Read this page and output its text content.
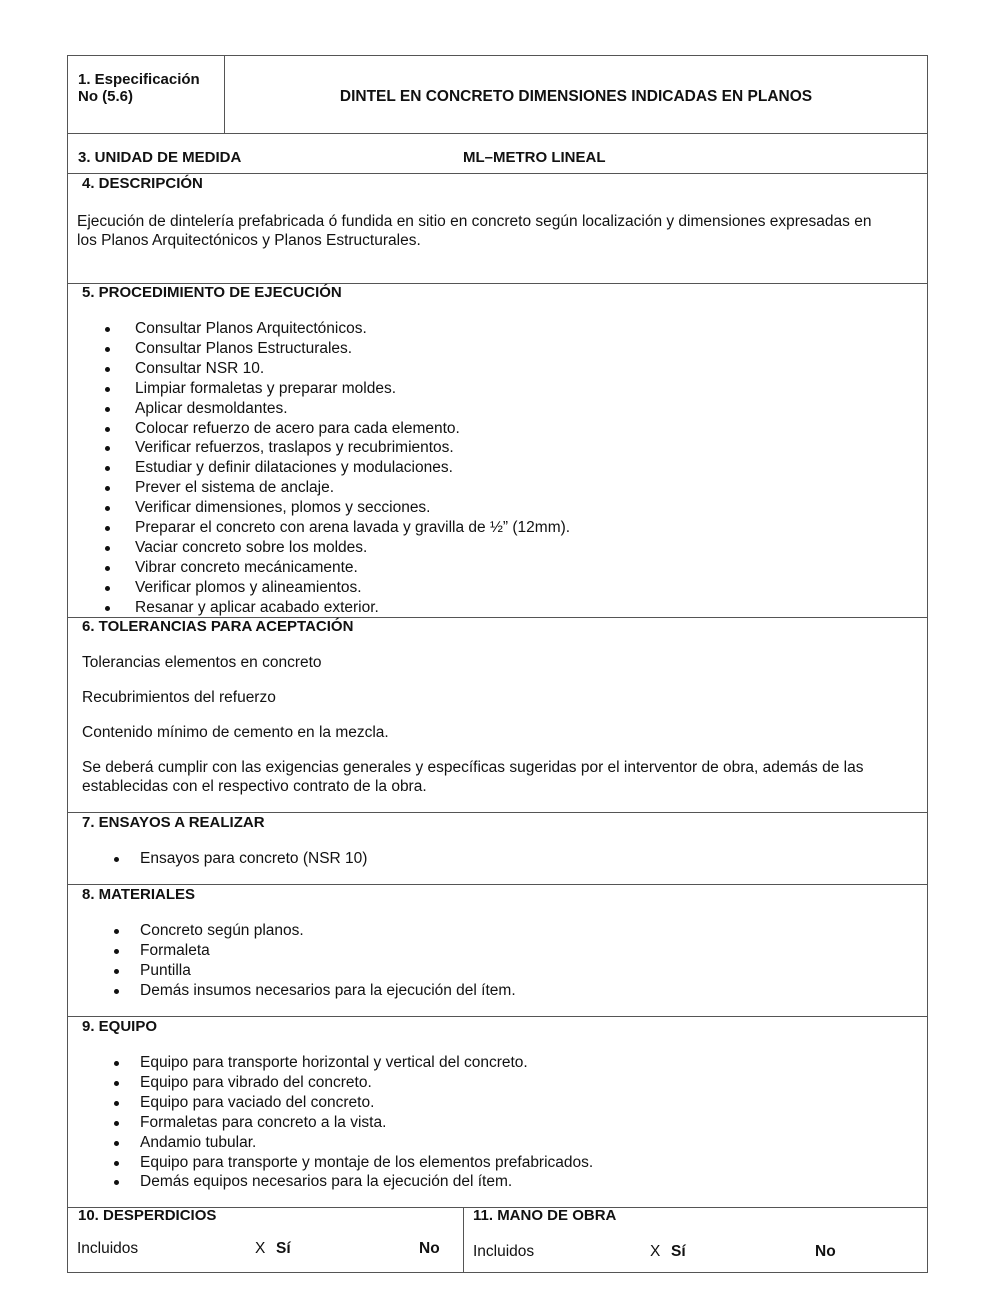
1. Especificación
No (5.6)	DINTEL EN CONCRETO DIMENSIONES INDICADAS EN PLANOS
3. UNIDAD DE MEDIDA	ML–METRO LINEAL
4. DESCRIPCIÓN
Ejecución de dintelería prefabricada ó fundida en sitio en concreto según localización y dimensiones expresadas en
los Planos Arquitectónicos y Planos Estructurales.
5. PROCEDIMIENTO DE EJECUCIÓN
Consultar Planos Arquitectónicos.
Consultar Planos Estructurales.
Consultar NSR 10.
Limpiar formaletas y preparar moldes.
Aplicar desmoldantes.
Colocar refuerzo de acero para cada elemento.
Verificar refuerzos, traslapos y recubrimientos.
Estudiar y definir dilataciones y modulaciones.
Prever el sistema de anclaje.
Verificar dimensiones, plomos y secciones.
Preparar el concreto con arena lavada y gravilla de ½” (12mm).
Vaciar concreto sobre los moldes.
Vibrar concreto mecánicamente.
Verificar plomos y alineamientos.
Resanar y aplicar acabado exterior.
6. TOLERANCIAS PARA ACEPTACIÓN
Tolerancias elementos en concreto
Recubrimientos del refuerzo
Contenido mínimo de cemento en la mezcla.
Se deberá cumplir con las exigencias generales y específicas sugeridas por el interventor de obra, además de las
establecidas con el respectivo contrato de la obra.
7. ENSAYOS A REALIZAR
Ensayos para concreto (NSR 10)
8. MATERIALES
Concreto según planos.
Formaleta
Puntilla
Demás insumos necesarios para la ejecución del ítem.
9. EQUIPO
Equipo para transporte horizontal y vertical del concreto.
Equipo para vibrado del concreto.
Equipo para vaciado del concreto.
Formaletas para concreto a la vista.
Andamio tubular.
Equipo para transporte y montaje de los elementos prefabricados.
Demás equipos necesarios para la ejecución del ítem.
10. DESPERDICIOS
Incluidos	X Sí	No
11. MANO DE OBRA
Incluidos	X Sí	No
